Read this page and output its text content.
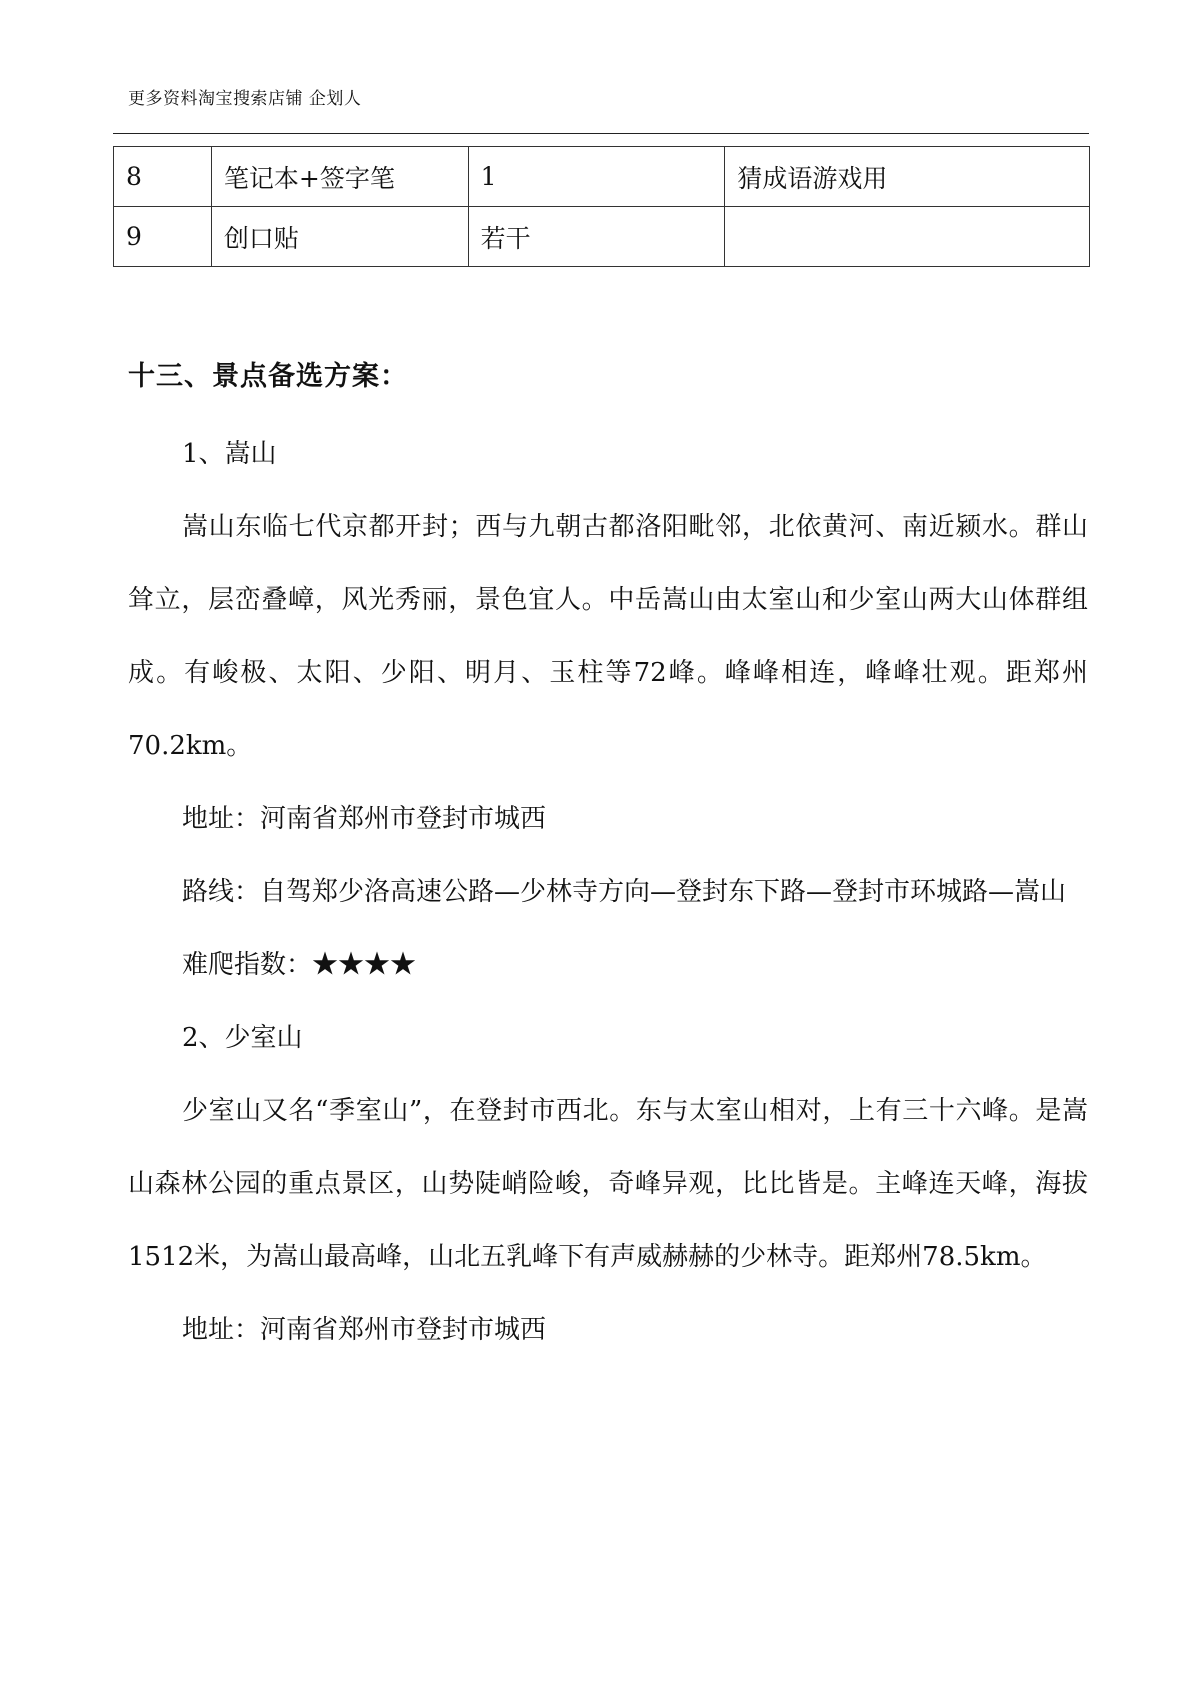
更多资料淘宝搜索店铺 企划人
8	笔记本+签字笔	1	猜成语游戏用
9	创口贴	若干	
十三、景点备选方案：

1、嵩山

嵩山东临七代京都开封；西与九朝古都洛阳毗邻，北依黄河、南近颍水。群山耸立，层峦叠嶂，风光秀丽，景色宜人。中岳嵩山由太室山和少室山两大山体群组成。有峻极、太阳、少阳、明月、玉柱等72峰。峰峰相连，峰峰壮观。距郑州70.2km。

地址：河南省郑州市登封市城西

路线：自驾郑少洛高速公路—少林寺方向—登封东下路—登封市环城路—嵩山

难爬指数：★★★★

2、少室山

少室山又名“季室山”，在登封市西北。东与太室山相对，上有三十六峰。是嵩山森林公园的重点景区，山势陡峭险峻，奇峰异观，比比皆是。主峰连天峰，海拔1512米，为嵩山最高峰，山北五乳峰下有声威赫赫的少林寺。距郑州78.5km。

地址：河南省郑州市登封市城西
